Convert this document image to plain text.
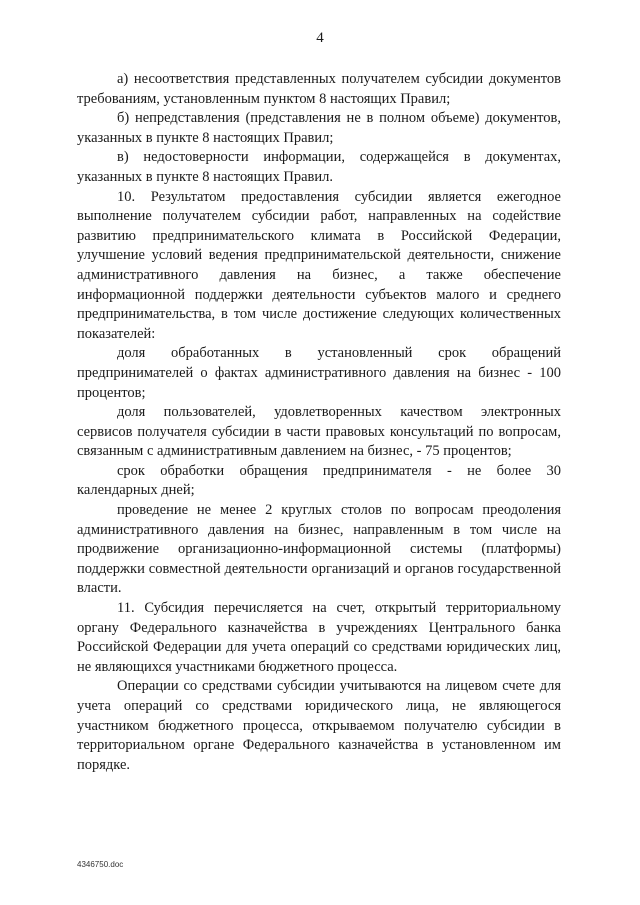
4

а) несоответствия представленных получателем субсидии документов требованиям, установленным пунктом 8 настоящих Правил;

б) непредставления (представления не в полном объеме) документов, указанных в пункте 8 настоящих Правил;

в) недостоверности информации, содержащейся в документах, указанных в пункте 8 настоящих Правил.

10. Результатом предоставления субсидии является ежегодное выполнение получателем субсидии работ, направленных на содействие развитию предпринимательского климата в Российской Федерации, улучшение условий ведения предпринимательской деятельности, снижение административного давления на бизнес, а также обеспечение информационной поддержки деятельности субъектов малого и среднего предпринимательства, в том числе достижение следующих количественных показателей:

доля обработанных в установленный срок обращений предпринимателей о фактах административного давления на бизнес - 100 процентов;

доля пользователей, удовлетворенных качеством электронных сервисов получателя субсидии в части правовых консультаций по вопросам, связанным с административным давлением на бизнес, - 75 процентов;

срок обработки обращения предпринимателя - не более 30 календарных дней;

проведение не менее 2 круглых столов по вопросам преодоления административного давления на бизнес, направленным в том числе на продвижение организационно-информационной системы (платформы) поддержки совместной деятельности организаций и органов государственной власти.

11. Субсидия перечисляется на счет, открытый территориальному органу Федерального казначейства в учреждениях Центрального банка Российской Федерации для учета операций со средствами юридических лиц, не являющихся участниками бюджетного процесса.

Операции со средствами субсидии учитываются на лицевом счете для учета операций со средствами юридического лица, не являющегося участником бюджетного процесса, открываемом получателю субсидии в территориальном органе Федерального казначейства в установленном им порядке.

4346750.doc
